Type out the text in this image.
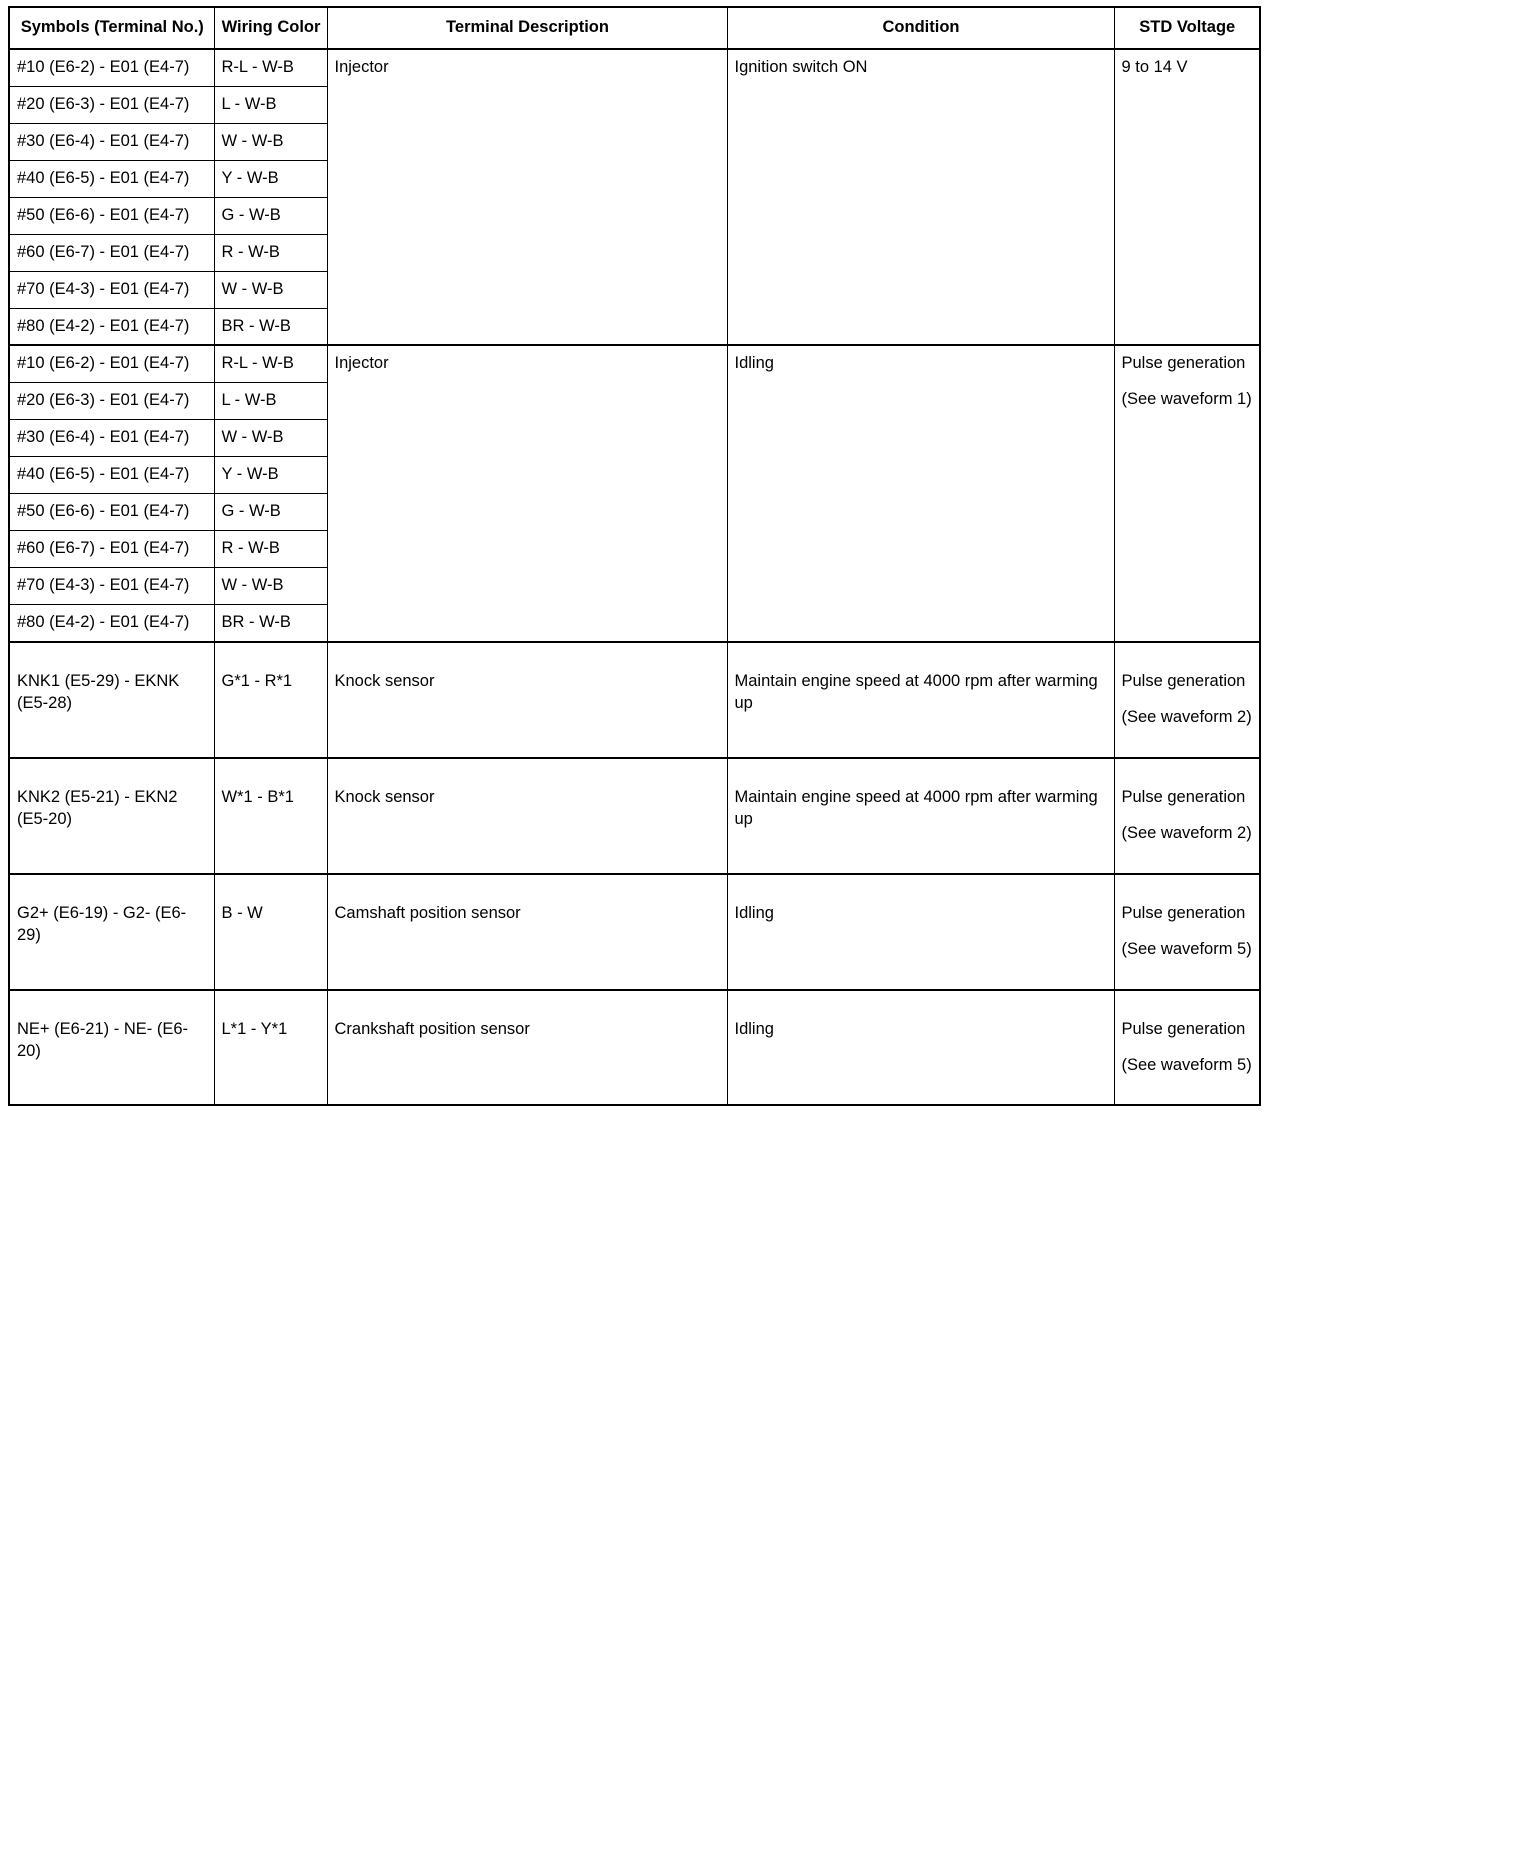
Symbols (Terminal No.)	Wiring Color	Terminal Description	Condition	STD Voltage
#10 (E6-2) - E01 (E4-7)	R-L - W-B	Injector	Ignition switch ON	9 to 14 V

#20 (E6-3) - E01 (E4-7)	L - W-B			
#30 (E6-4) - E01 (E4-7)	W - W-B			
#40 (E6-5) - E01 (E4-7)	Y - W-B			
#50 (E6-6) - E01 (E4-7)	G - W-B			
#60 (E6-7) - E01 (E4-7)	R - W-B			
#70 (E4-3) - E01 (E4-7)	W - W-B			
#80 (E4-2) - E01 (E4-7)	BR - W-B			
#10 (E6-2) - E01 (E4-7)	R-L - W-B	Injector	Idling	Pulse generation
(See waveform 1)

#20 (E6-3) - E01 (E4-7)	L - W-B			
#30 (E6-4) - E01 (E4-7)	W - W-B			
#40 (E6-5) - E01 (E4-7)	Y - W-B			
#50 (E6-6) - E01 (E4-7)	G - W-B			
#60 (E6-7) - E01 (E4-7)	R - W-B			
#70 (E4-3) - E01 (E4-7)	W - W-B			
#80 (E4-2) - E01 (E4-7)	BR - W-B			
KNK1 (E5-29) - EKNK (E5-28)	G*1 - R*1	Knock sensor	Maintain engine speed at 4000 rpm after warming up	Pulse generation
(See waveform 2)

KNK2 (E5-21) - EKN2 (E5-20)	W*1 - B*1	Knock sensor	Maintain engine speed at 4000 rpm after warming up	Pulse generation
(See waveform 2)

G2+ (E6-19) - G2- (E6-29)	B - W	Camshaft position sensor	Idling	Pulse generation
(See waveform 5)

NE+ (E6-21) - NE- (E6-20)	L*1 - Y*1	Crankshaft position sensor	Idling	Pulse generation
(See waveform 5)
